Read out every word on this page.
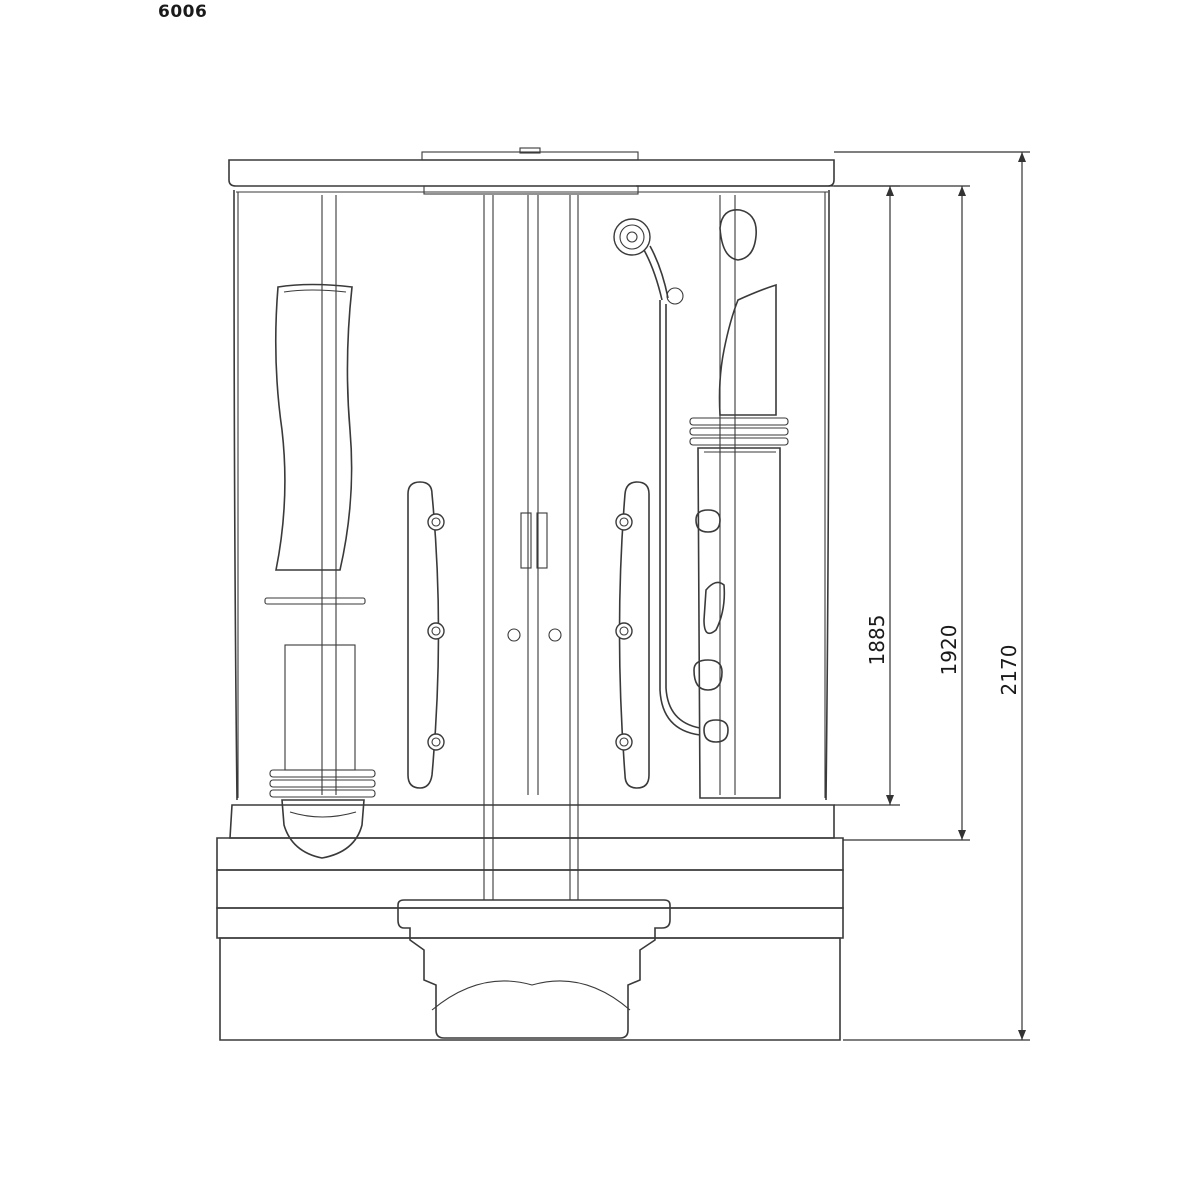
6006
1885 1920 2170
